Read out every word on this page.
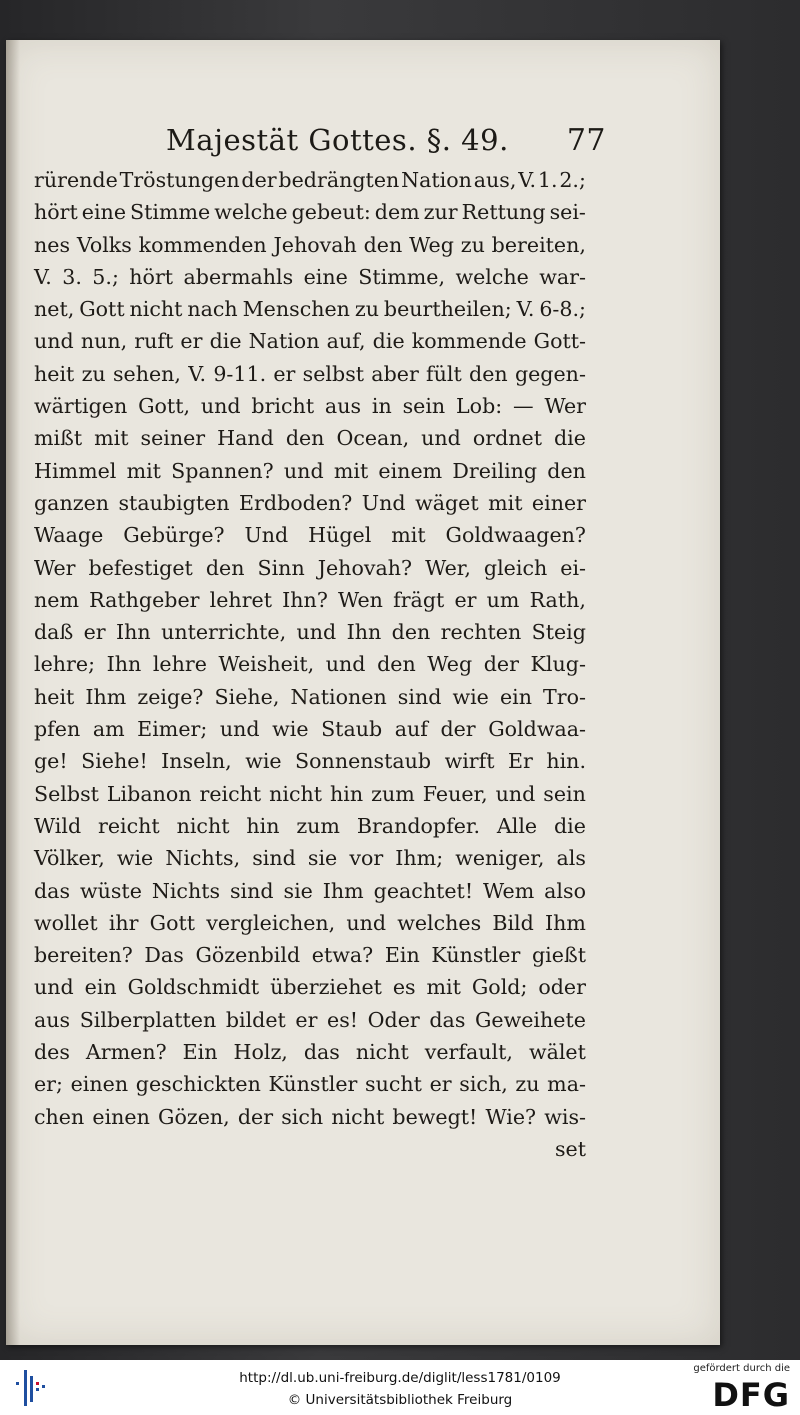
Majestät Gottes. §. 49. 77
rürende Tröstungen der bedrängten Nation aus, V. 1. 2.;
hört eine Stimme welche gebeut: dem zur Rettung sei-
nes Volks kommenden Jehovah den Weg zu bereiten,
V. 3. 5.; hört abermahls eine Stimme, welche war-
net, Gott nicht nach Menschen zu beurtheilen; V. 6-8.;
und nun, ruft er die Nation auf, die kommende Gott-
heit zu sehen, V. 9-11. er selbst aber fült den gegen-
wärtigen Gott, und bricht aus in sein Lob: — Wer
mißt mit seiner Hand den Ocean, und ordnet die
Himmel mit Spannen? und mit einem Dreiling den
ganzen staubigten Erdboden? Und wäget mit einer
Waage Gebürge? Und Hügel mit Goldwaagen?
Wer befestiget den Sinn Jehovah? Wer, gleich ei-
nem Rathgeber lehret Ihn? Wen frägt er um Rath,
daß er Ihn unterrichte, und Ihn den rechten Steig
lehre; Ihn lehre Weisheit, und den Weg der Klug-
heit Ihm zeige? Siehe, Nationen sind wie ein Tro-
pfen am Eimer; und wie Staub auf der Goldwaa-
ge! Siehe! Inseln, wie Sonnenstaub wirft Er hin.
Selbst Libanon reicht nicht hin zum Feuer, und sein
Wild reicht nicht hin zum Brandopfer. Alle die
Völker, wie Nichts, sind sie vor Ihm; weniger, als
das wüste Nichts sind sie Ihm geachtet! Wem also
wollet ihr Gott vergleichen, und welches Bild Ihm
bereiten? Das Gözenbild etwa? Ein Künstler gießt
und ein Goldschmidt überziehet es mit Gold; oder
aus Silberplatten bildet er es! Oder das Geweihete
des Armen? Ein Holz, das nicht verfault, wälet
er; einen geschickten Künstler sucht er sich, zu ma-
chen einen Gözen, der sich nicht bewegt! Wie? wis-
set
http://dl.ub.uni-freiburg.de/diglit/less1781/0109
© Universitätsbibliothek Freiburg
gefördert durch die
DFG
